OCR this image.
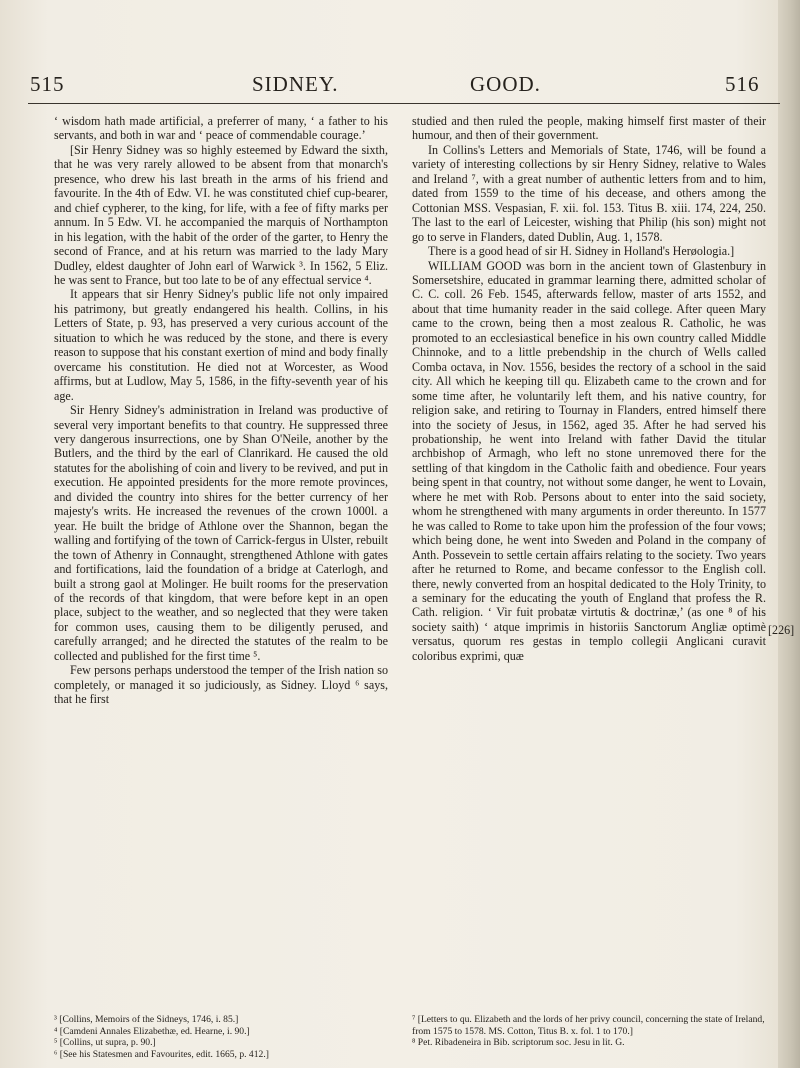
515	SIDNEY.	GOOD.	516

‘ wisdom hath made artificial, a preferrer of many, ‘ a father to his servants, and both in war and ‘ peace of commendable courage.’

[Sir Henry Sidney was so highly esteemed by Edward the sixth, that he was very rarely allowed to be absent from that monarch's presence, who drew his last breath in the arms of his friend and favourite. In the 4th of Edw. VI. he was constituted chief cup-bearer, and chief cypherer, to the king, for life, with a fee of fifty marks per annum. In 5 Edw. VI. he accompanied the marquis of Northampton in his legation, with the habit of the order of the garter, to Henry the second of France, and at his return was married to the lady Mary Dudley, eldest daughter of John earl of Warwick ³. In 1562, 5 Eliz. he was sent to France, but too late to be of any effectual service ⁴.

It appears that sir Henry Sidney's public life not only impaired his patrimony, but greatly endangered his health. Collins, in his Letters of State, p. 93, has preserved a very curious account of the situation to which he was reduced by the stone, and there is every reason to suppose that his constant exertion of mind and body finally overcame his constitution. He died not at Worcester, as Wood affirms, but at Ludlow, May 5, 1586, in the fifty-seventh year of his age.

Sir Henry Sidney's administration in Ireland was productive of several very important benefits to that country. He suppressed three very dangerous insurrections, one by Shan O'Neile, another by the Butlers, and the third by the earl of Clanrikard. He caused the old statutes for the abolishing of coin and livery to be revived, and put in execution. He appointed presidents for the more remote provinces, and divided the country into shires for the better currency of her majesty's writs. He increased the revenues of the crown 1000l. a year. He built the bridge of Athlone over the Shannon, began the walling and fortifying of the town of Carrick-fergus in Ulster, rebuilt the town of Athenry in Connaught, strengthened Athlone with gates and fortifications, laid the foundation of a bridge at Caterlogh, and built a strong gaol at Molinger. He built rooms for the preservation of the records of that kingdom, that were before kept in an open place, subject to the weather, and so neglected that they were taken for common uses, causing them to be diligently perused, and carefully arranged; and he directed the statutes of the realm to be collected and published for the first time ⁵.

Few persons perhaps understood the temper of the Irish nation so completely, or managed it so judiciously, as Sidney. Lloyd ⁶ says, that he first

studied and then ruled the people, making himself first master of their humour, and then of their government.

In Collins's Letters and Memorials of State, 1746, will be found a variety of interesting collections by sir Henry Sidney, relative to Wales and Ireland ⁷, with a great number of authentic letters from and to him, dated from 1559 to the time of his decease, and others among the Cottonian MSS. Vespasian, F. xii. fol. 153. Titus B. xiii. 174, 224, 250. The last to the earl of Leicester, wishing that Philip (his son) might not go to serve in Flanders, dated Dublin, Aug. 1, 1578.

There is a good head of sir H. Sidney in Holland's Herøologia.]

WILLIAM GOOD was born in the ancient town of Glastenbury in Somersetshire, educated in grammar learning there, admitted scholar of C. C. coll. 26 Feb. 1545, afterwards fellow, master of arts 1552, and about that time humanity reader in the said college. After queen Mary came to the crown, being then a most zealous R. Catholic, he was promoted to an ecclesiastical benefice in his own country called Middle Chinnoke, and to a little prebendship in the church of Wells called Comba octava, in Nov. 1556, besides the rectory of a school in the said city. All which he keeping till qu. Elizabeth came to the crown and for some time after, he voluntarily left them, and his native country, for religion sake, and retiring to Tournay in Flanders, entred himself there into the society of Jesus, in 1562, aged 35. After he had served his probationship, he went into Ireland with father David the titular archbishop of Armagh, who left no stone unremoved there for the settling of that kingdom in the Catholic faith and obedience. Four years being spent in that country, not without some danger, he went to Lovain, where he met with Rob. Persons about to enter into the said society, whom he strengthened with many arguments in order thereunto. In 1577 he was called to Rome to take upon him the profession of the four vows; which being done, he went into Sweden and Poland in the company of Anth. Possevein to settle certain affairs relating to the society. Two years after he returned to Rome, and became confessor to the English coll. there, newly converted from an hospital dedicated to the Holy Trinity, to a seminary for the educating the youth of England that profess the R. Cath. religion. ‘ Vir fuit probatæ virtutis & doctrinæ,’ (as one ⁸ of his society saith) ‘ atque imprimis in historiis Sanctorum Angliæ optimè versatus, quorum res gestas in templo collegii Anglicani curavit coloribus exprimi, quæ

[226]
³ [Collins, Memoirs of the Sidneys, 1746, i. 85.]
⁴ [Camdeni Annales Elizabethæ, ed. Hearne, i. 90.]
⁵ [Collins, ut supra, p. 90.]
⁶ [See his Statesmen and Favourites, edit. 1665, p. 412.]
⁷ [Letters to qu. Elizabeth and the lords of her privy council, concerning the state of Ireland, from 1575 to 1578. MS. Cotton, Titus B. x. fol. 1 to 170.]
⁸ Pet. Ribadeneira in Bib. scriptorum soc. Jesu in lit. G.
